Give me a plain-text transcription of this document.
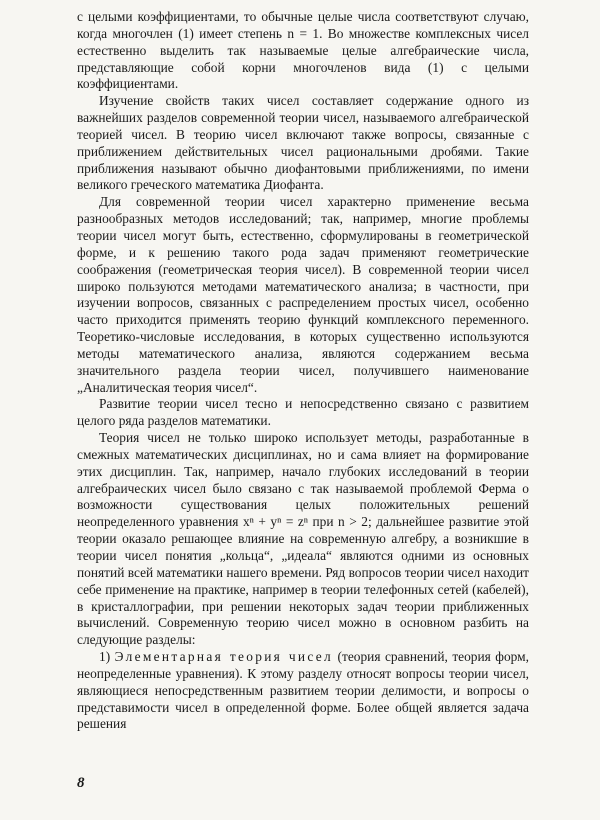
с целыми коэффициентами, то обычные целые числа соответствуют случаю, когда многочлен (1) имеет степень n = 1. Во множестве комплексных чисел естественно выделить так называемые целые алгебраические числа, представляющие собой корни многочленов вида (1) с целыми коэффициентами.

Изучение свойств таких чисел составляет содержание одного из важнейших разделов современной теории чисел, называемого алгебраической теорией чисел. В теорию чисел включают также вопросы, связанные с приближением действительных чисел рациональными дробями. Такие приближения называют обычно диофантовыми приближениями, по имени великого греческого математика Диофанта.

Для современной теории чисел характерно применение весьма разнообразных методов исследований; так, например, многие проблемы теории чисел могут быть, естественно, сформулированы в геометрической форме, и к решению такого рода задач применяют геометрические соображения (геометрическая теория чисел). В современной теории чисел широко пользуются методами математического анализа; в частности, при изучении вопросов, связанных с распределением простых чисел, особенно часто приходится применять теорию функций комплексного переменного. Теоретико-числовые исследования, в которых существенно используются методы математического анализа, являются содержанием весьма значительного раздела теории чисел, получившего наименование „Аналитическая теория чисел“.

Развитие теории чисел тесно и непосредственно связано с развитием целого ряда разделов математики.

Теория чисел не только широко использует методы, разработанные в смежных математических дисциплинах, но и сама влияет на формирование этих дисциплин. Так, например, начало глубоких исследований в теории алгебраических чисел было связано с так называемой проблемой Ферма о возможности существования целых положительных решений неопределенного уравнения xⁿ + yⁿ = zⁿ при n > 2; дальнейшее развитие этой теории оказало решающее влияние на современную алгебру, а возникшие в теории чисел понятия „кольца“, „идеала“ являются одними из основных понятий всей математики нашего времени. Ряд вопросов теории чисел находит себе применение на практике, например в теории телефонных сетей (кабелей), в кристаллографии, при решении некоторых задач теории приближенных вычислений. Современную теорию чисел можно в основном разбить на следующие разделы:

1) Элементарная теория чисел (теория сравнений, теория форм, неопределенные уравнения). К этому разделу относят вопросы теории чисел, являющиеся непосредственным развитием теории делимости, и вопросы о представимости чисел в определенной форме. Более общей является задача решения

8
